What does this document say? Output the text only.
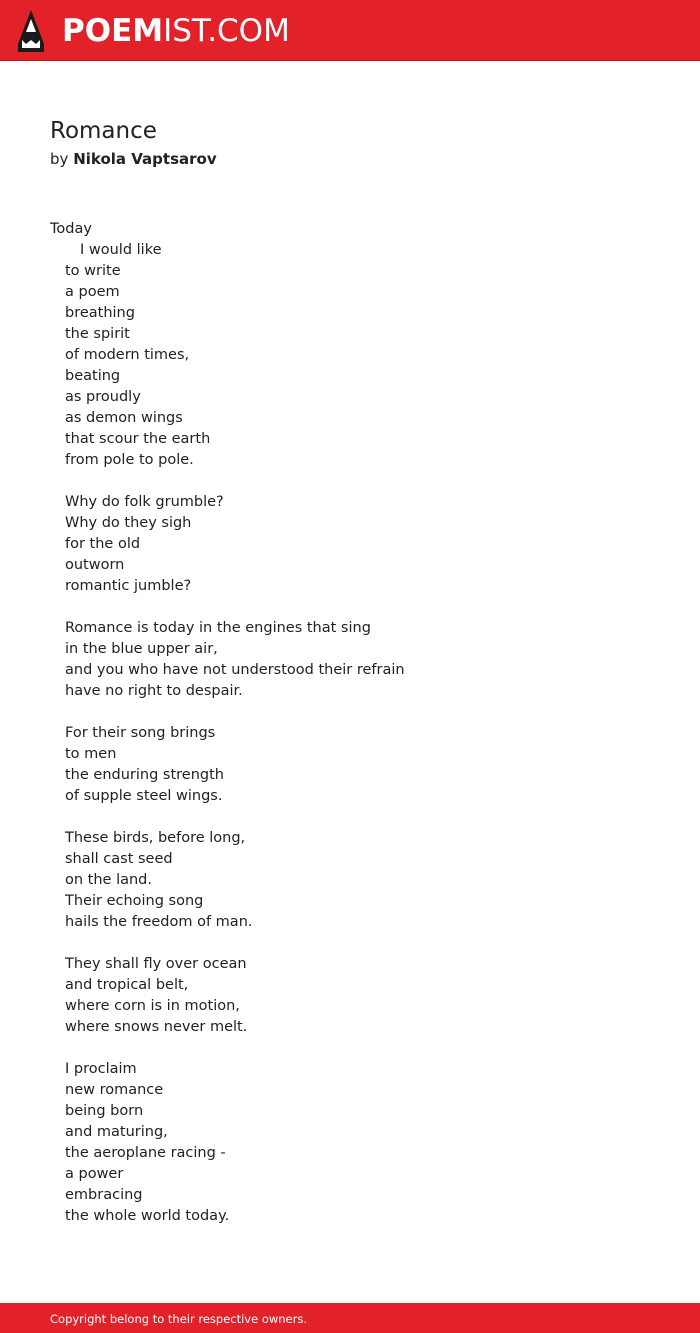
POEMIST.COM
Romance
by Nikola Vaptsarov
Today
I would like
to write
a poem
breathing
the spirit
of modern times,
beating
as proudly
as demon wings
that scour the earth
from pole to pole.
Why do folk grumble?
Why do they sigh
for the old
outworn
romantic jumble?
Romance is today in the engines that sing
in the blue upper air,
and you who have not understood their refrain
have no right to despair.
For their song brings
to men
the enduring strength
of supple steel wings.
These birds, before long,
shall cast seed
on the land.
Their echoing song
hails the freedom of man.
They shall fly over ocean
and tropical belt,
where corn is in motion,
where snows never melt.
I proclaim
new romance
being born
and maturing,
the aeroplane racing -
a power
embracing
the whole world today.
Copyright belong to their respective owners.
